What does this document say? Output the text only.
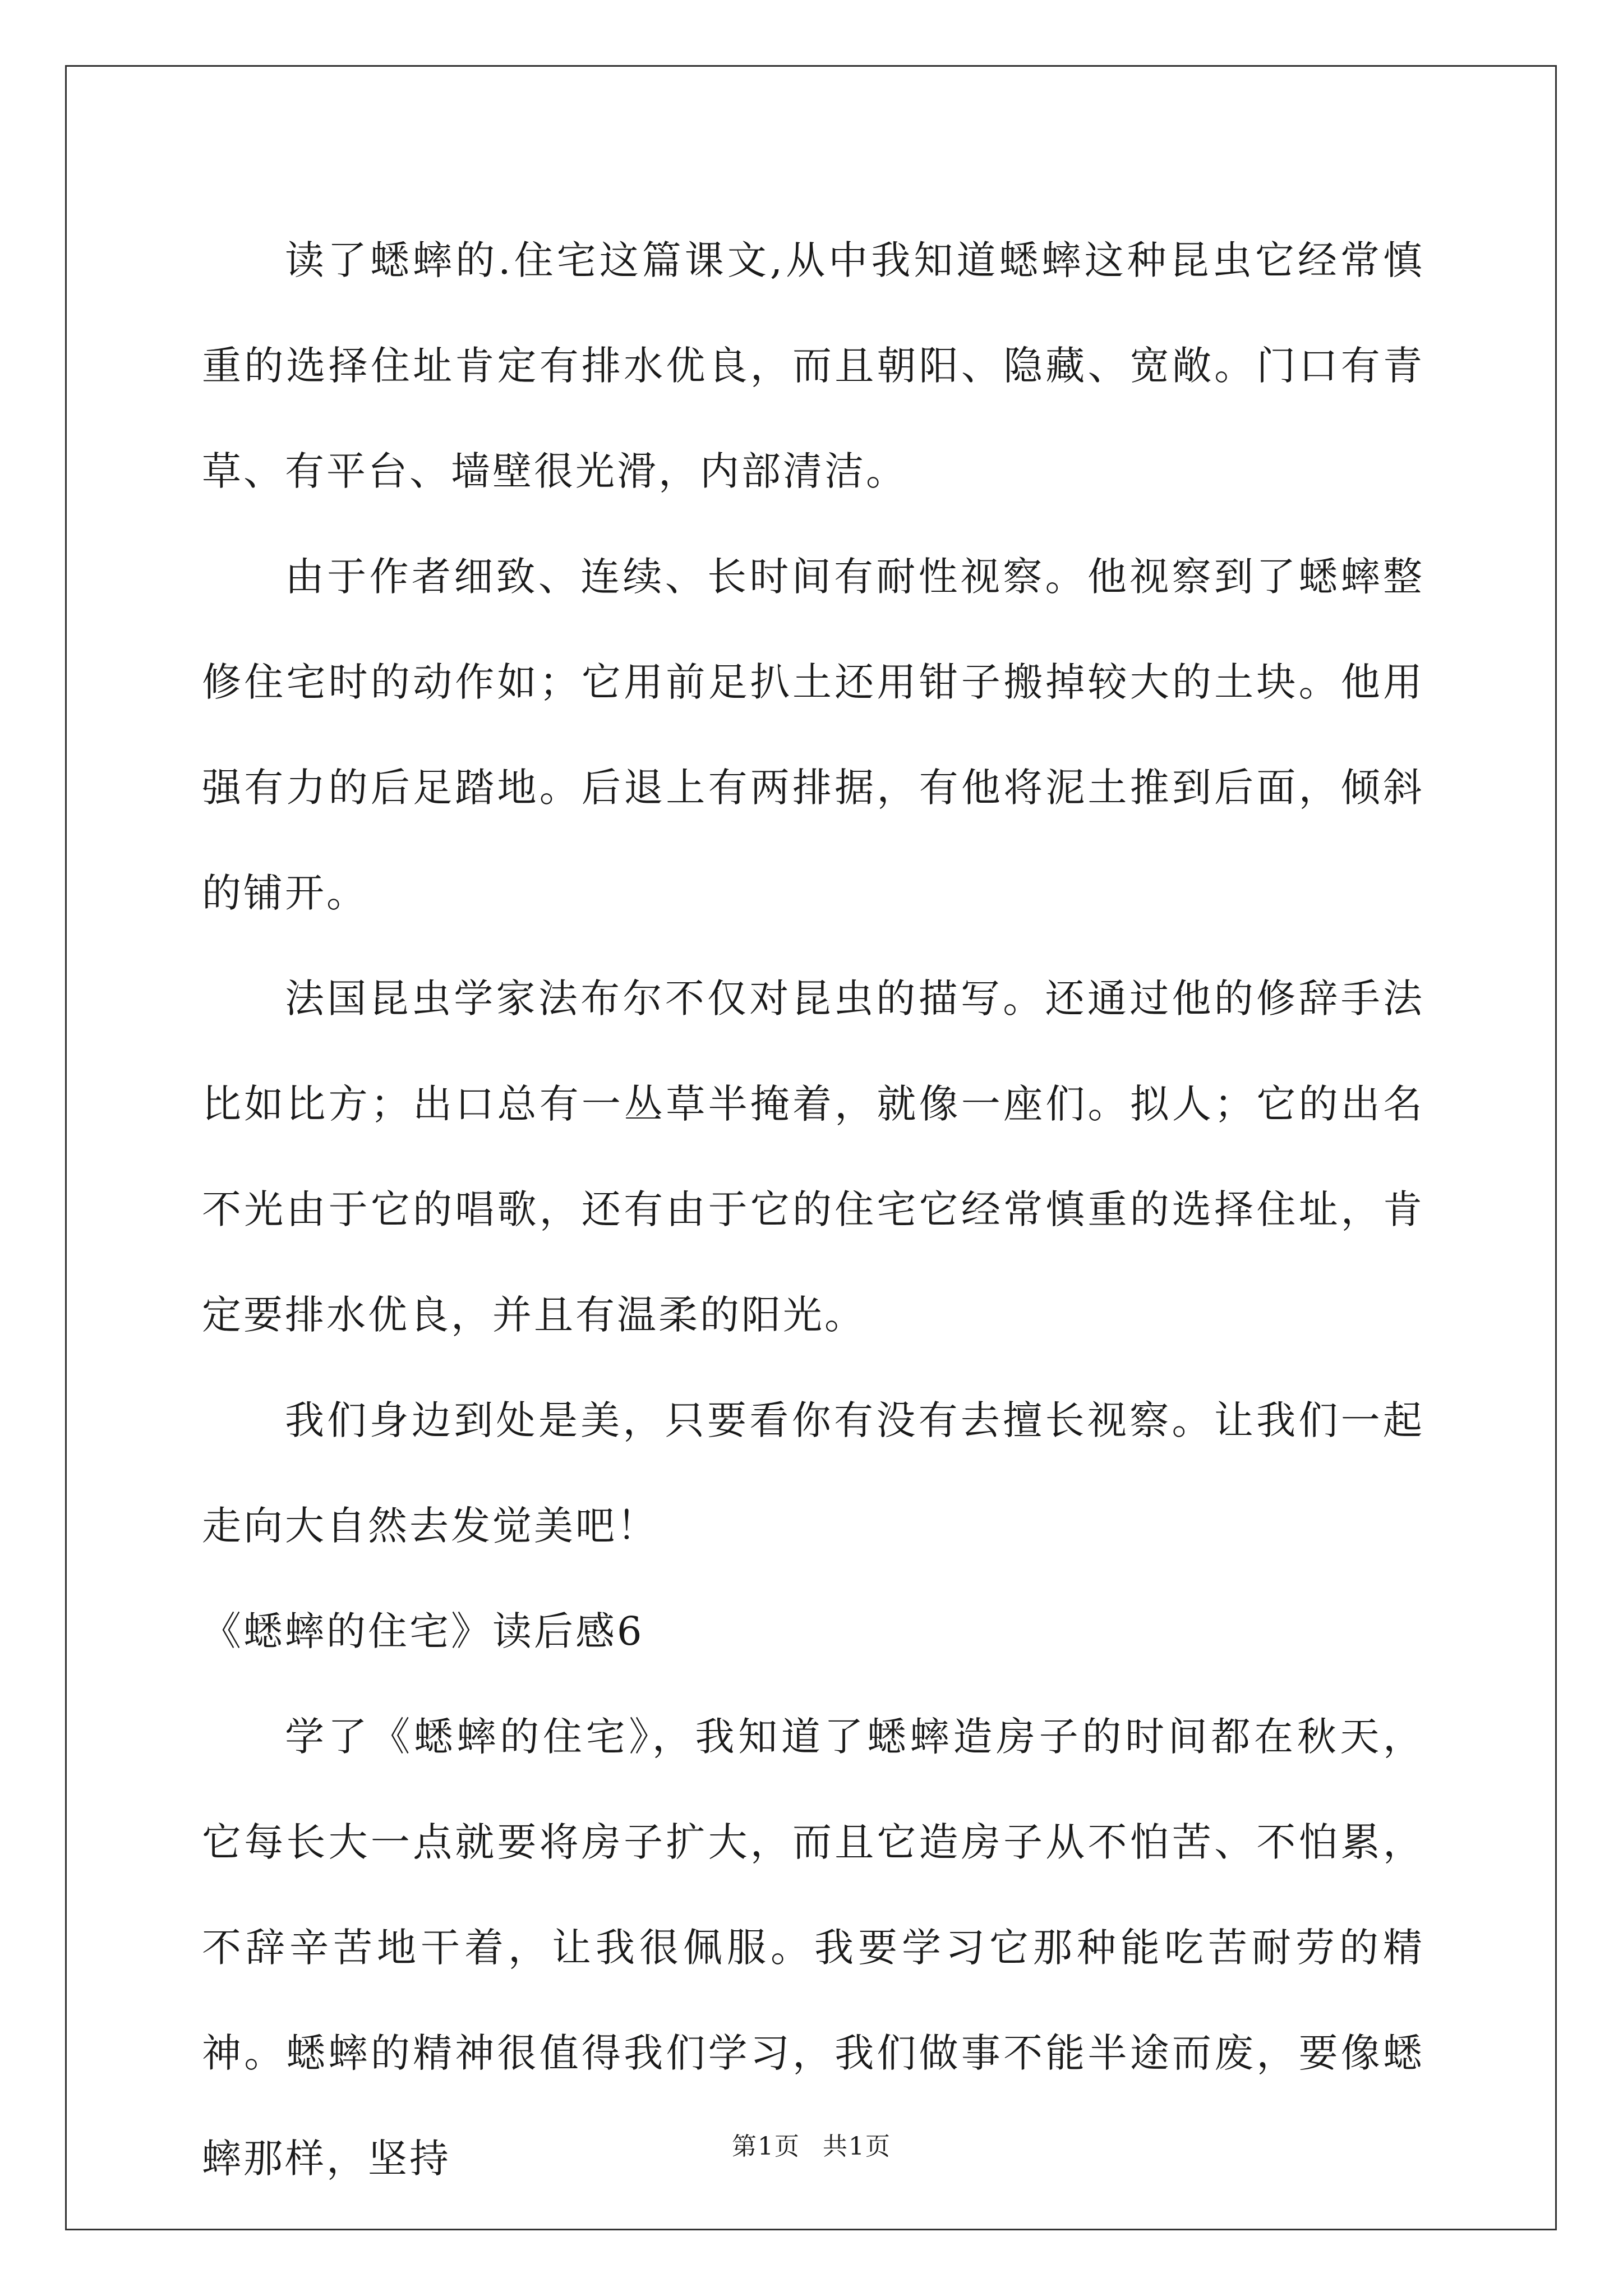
读了蟋蟀的.住宅这篇课文,从中我知道蟋蟀这种昆虫它经常慎重的选择住址肯定有排水优良，而且朝阳、隐藏、宽敞。门口有青草、有平台、墙壁很光滑，内部清洁。

由于作者细致、连续、长时间有耐性视察。他视察到了蟋蟀整修住宅时的动作如；它用前足扒土还用钳子搬掉较大的土块。他用强有力的后足踏地。后退上有两排据，有他将泥土推到后面，倾斜的铺开。

法国昆虫学家法布尔不仅对昆虫的描写。还通过他的修辞手法比如比方；出口总有一丛草半掩着，就像一座们。拟人；它的出名不光由于它的唱歌，还有由于它的住宅它经常慎重的选择住址，肯定要排水优良，并且有温柔的阳光。

我们身边到处是美，只要看你有没有去擅长视察。让我们一起走向大自然去发觉美吧！

《蟋蟀的住宅》读后感6

学了《蟋蟀的住宅》，我知道了蟋蟀造房子的时间都在秋天，它每长大一点就要将房子扩大，而且它造房子从不怕苦、不怕累，不辞辛苦地干着，让我很佩服。我要学习它那种能吃苦耐劳的精神。蟋蟀的精神很值得我们学习，我们做事不能半途而废，要像蟋蟀那样，坚持	第1页 共1页
